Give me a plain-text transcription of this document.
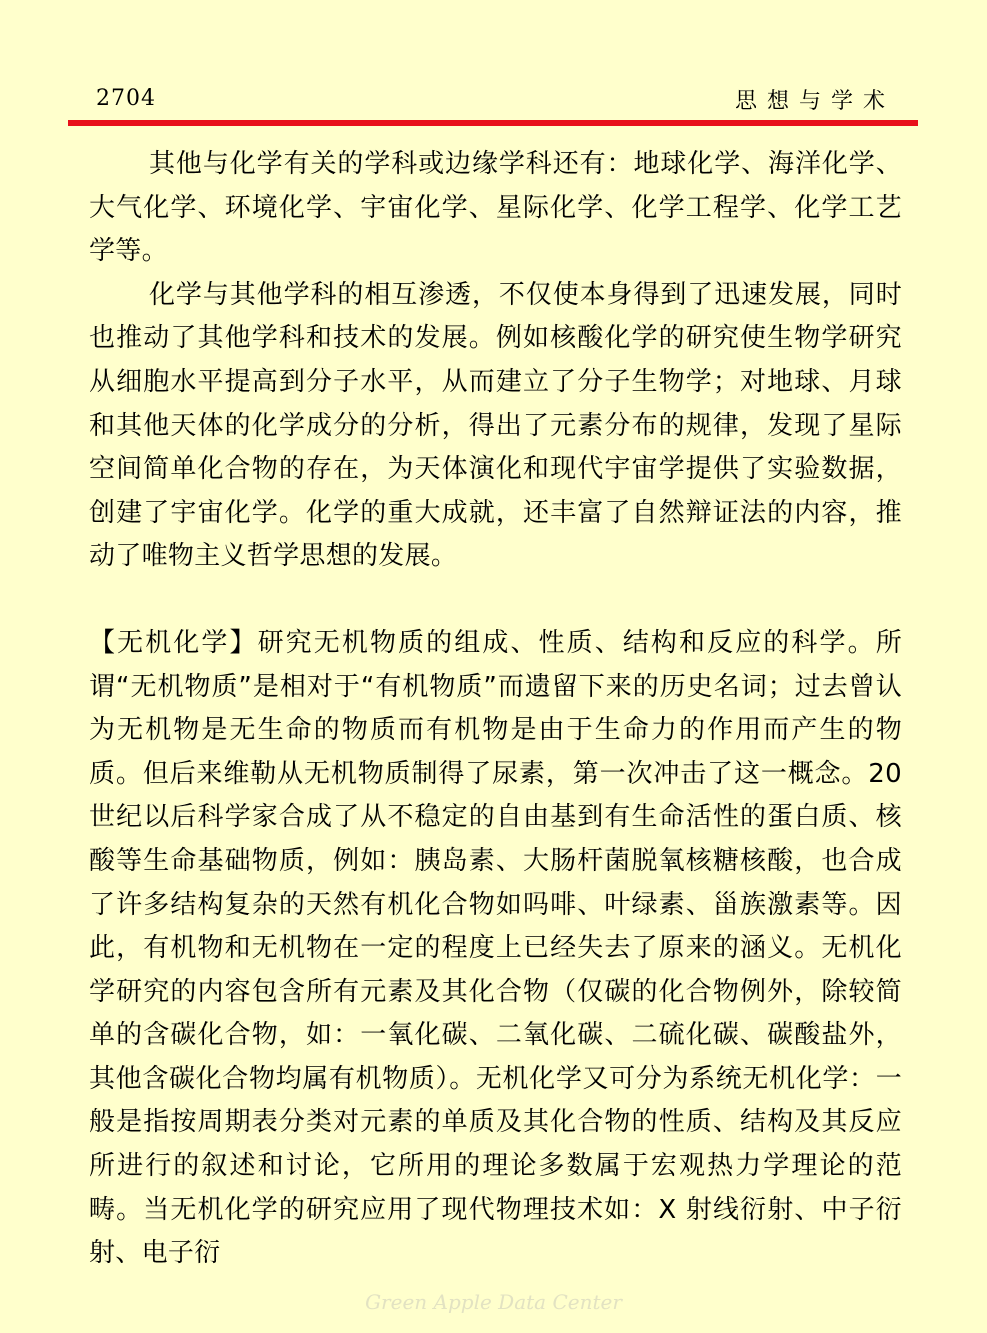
2704	思想与学术

其他与化学有关的学科或边缘学科还有：地球化学、海洋化学、大气化学、环境化学、宇宙化学、星际化学、化学工程学、化学工艺学等。

化学与其他学科的相互渗透，不仅使本身得到了迅速发展，同时也推动了其他学科和技术的发展。例如核酸化学的研究使生物学研究从细胞水平提高到分子水平，从而建立了分子生物学；对地球、月球和其他天体的化学成分的分析，得出了元素分布的规律，发现了星际空间简单化合物的存在，为天体演化和现代宇宙学提供了实验数据，创建了宇宙化学。化学的重大成就，还丰富了自然辩证法的内容，推动了唯物主义哲学思想的发展。

【无机化学】研究无机物质的组成、性质、结构和反应的科学。所谓“无机物质”是相对于“有机物质”而遗留下来的历史名词；过去曾认为无机物是无生命的物质而有机物是由于生命力的作用而产生的物质。但后来维勒从无机物质制得了尿素，第一次冲击了这一概念。20 世纪以后科学家合成了从不稳定的自由基到有生命活性的蛋白质、核酸等生命基础物质，例如：胰岛素、大肠杆菌脱氧核糖核酸，也合成了许多结构复杂的天然有机化合物如吗啡、叶绿素、甾族激素等。因此，有机物和无机物在一定的程度上已经失去了原来的涵义。无机化学研究的内容包含所有元素及其化合物（仅碳的化合物例外，除较简单的含碳化合物，如：一氧化碳、二氧化碳、二硫化碳、碳酸盐外，其他含碳化合物均属有机物质）。无机化学又可分为系统无机化学：一般是指按周期表分类对元素的单质及其化合物的性质、结构及其反应所进行的叙述和讨论，它所用的理论多数属于宏观热力学理论的范畴。当无机化学的研究应用了现代物理技术如：X 射线衍射、中子衍射、电子衍

Green Apple Data Center
